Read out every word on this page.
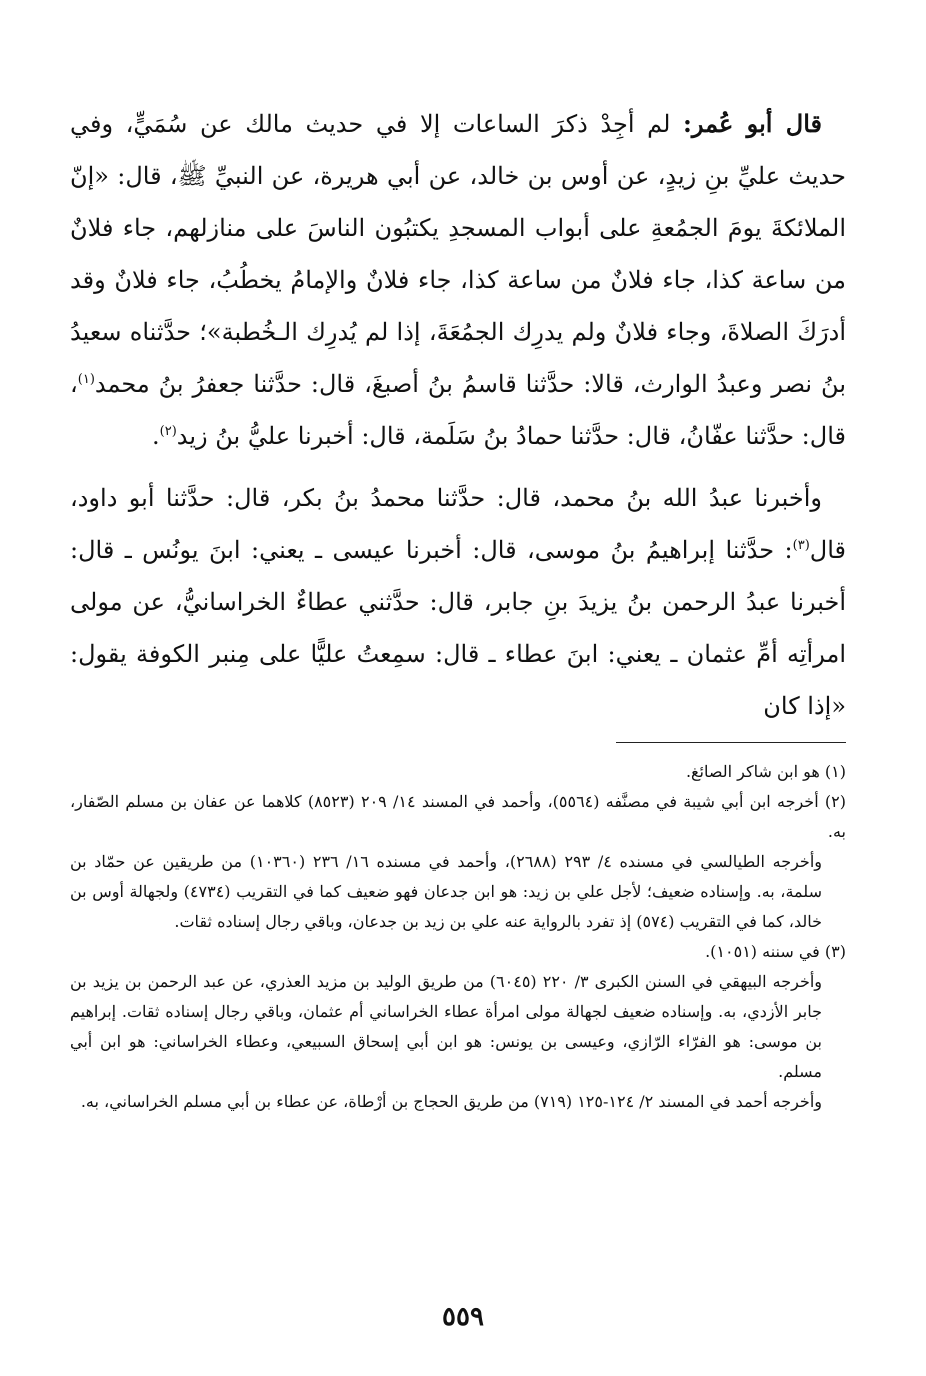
قال أبو عُمر: لم أجِدْ ذكرَ الساعات إلا في حديث مالك عن سُمَيٍّ، وفي حديث عليِّ بنِ زيدٍ، عن أوس بن خالد، عن أبي هريرة، عن النبيِّ ﷺ، قال: «إنّ الملائكةَ يومَ الجمُعةِ على أبواب المسجدِ يكتبُون الناسَ على منازلهم، جاء فلانٌ من ساعة كذا، جاء فلانٌ من ساعة كذا، جاء فلانٌ والإمامُ يخطُبُ، جاء فلانٌ وقد أدرَكَ الصلاةَ، وجاء فلانٌ ولم يدرِك الجمُعَةَ، إذا لم يُدرِك الـخُطبة»؛ حدَّثناه سعيدُ بنُ نصر وعبدُ الوارث، قالا: حدَّثنا قاسمُ بنُ أصبغَ، قال: حدَّثنا جعفرُ بنُ محمد$^{(١)}$، قال: حدَّثنا عفّانُ، قال: حدَّثنا حمادُ بنُ سَلَمة، قال: أخبرنا عليُّ بنُ زيد$^{(٢)}$.

وأخبرنا عبدُ الله بنُ محمد، قال: حدَّثنا محمدُ بنُ بكر، قال: حدَّثنا أبو داود، قال$^{(٣)}$: حدَّثنا إبراهيمُ بنُ موسى، قال: أخبرنا عيسى ـ يعني: ابنَ يونُس ـ قال: أخبرنا عبدُ الرحمن بنُ يزيدَ بنِ جابر، قال: حدَّثني عطاءٌ الخراسانيُّ، عن مولى امرأتِه أمِّ عثمان ـ يعني: ابنَ عطاء ـ قال: سمِعتُ عليًّا على مِنبر الكوفة يقول: «إذا كان

(١) هو ابن شاكر الصائغ.

(٢) أخرجه ابن أبي شيبة في مصنَّفه (٥٥٦٤)، وأحمد في المسند ١٤/ ٢٠٩ (٨٥٢٣) كلاهما عن عفان بن مسلم الصّفار، به.

وأخرجه الطيالسي في مسنده ٤/ ٢٩٣ (٢٦٨٨)، وأحمد في مسنده ١٦/ ٢٣٦ (١٠٣٦٠) من طريقين عن حمّاد بن سلمة، به. وإسناده ضعيف؛ لأجل علي بن زيد: هو ابن جدعان فهو ضعيف كما في التقريب (٤٧٣٤) ولجهالة أوس بن خالد، كما في التقريب (٥٧٤) إذ تفرد بالرواية عنه علي بن زيد بن جدعان، وباقي رجال إسناده ثقات.

(٣) في سننه (١٠٥١).

وأخرجه البيهقي في السنن الكبرى ٣/ ٢٢٠ (٦٠٤٥) من طريق الوليد بن مزيد العذري، عن عبد الرحمن بن يزيد بن جابر الأزدي، به. وإسناده ضعيف لجهالة مولى امرأة عطاء الخراساني أم عثمان، وباقي رجال إسناده ثقات. إبراهيم بن موسى: هو الفرّاء الرّازي، وعيسى بن يونس: هو ابن أبي إسحاق السبيعي، وعطاء الخراساني: هو ابن أبي مسلم.

وأخرجه أحمد في المسند ٢/ ١٢٤-١٢٥ (٧١٩) من طريق الحجاج بن أرْطاة، عن عطاء بن أبي مسلم الخراساني، به.

٥٥٩
